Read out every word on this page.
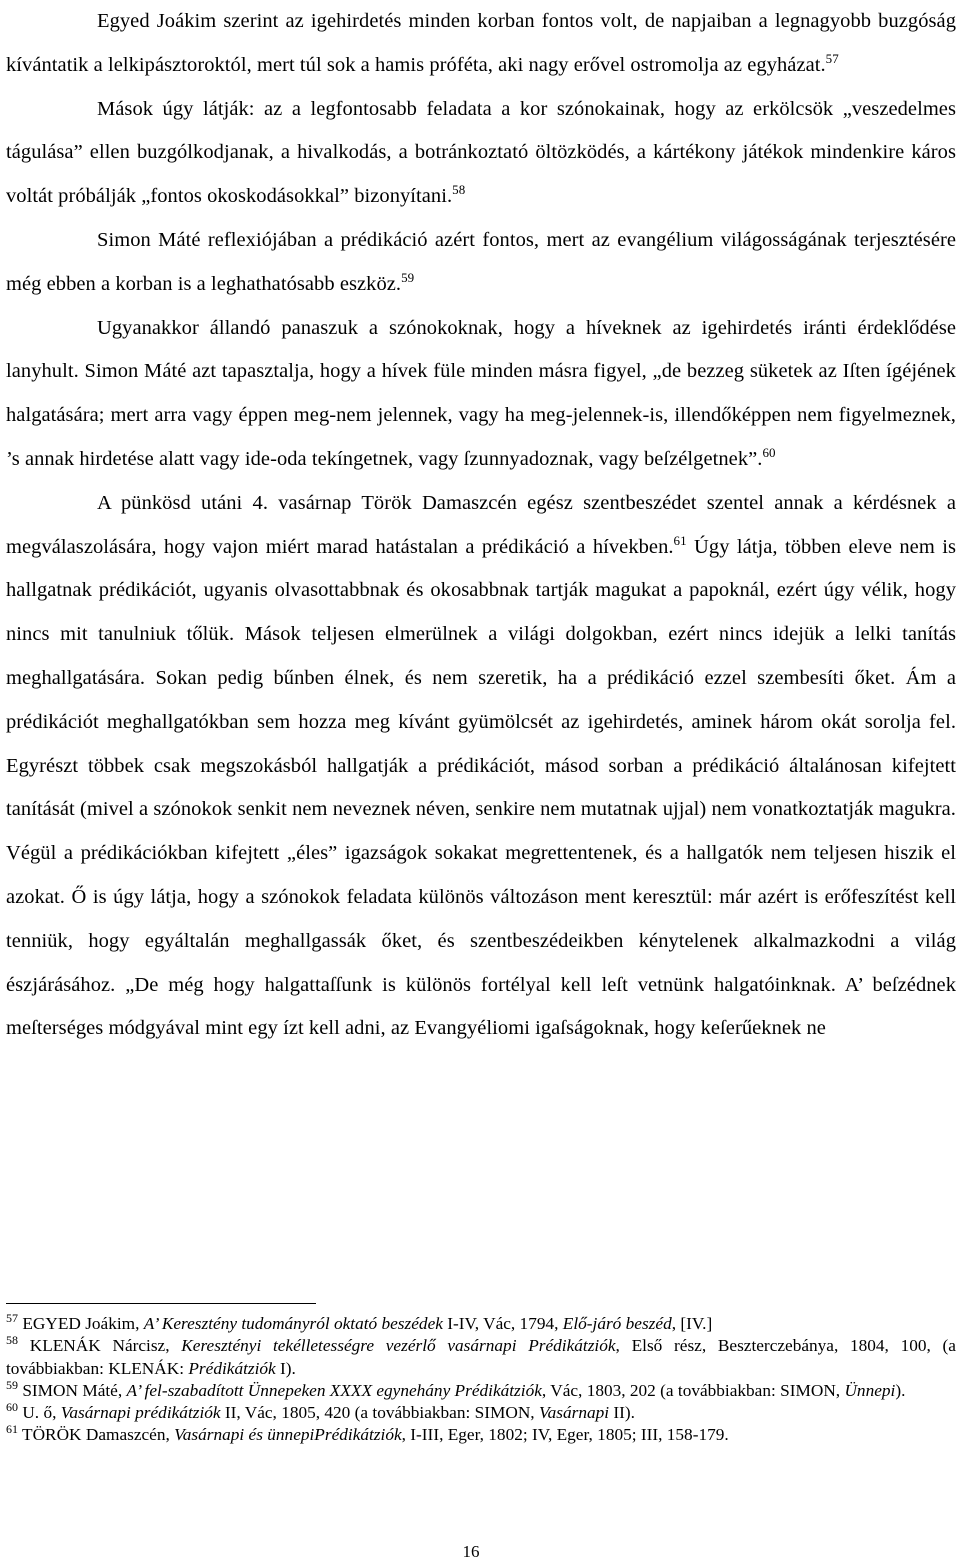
Egyed Joákim szerint az igehirdetés minden korban fontos volt, de napjaiban a legnagyobb buzgóság kívántatik a lelkipásztoroktól, mert túl sok a hamis próféta, aki nagy erővel ostromolja az egyházat.$^{57}$

Mások úgy látják: az a legfontosabb feladata a kor szónokainak, hogy az erkölcsök „veszedelmes tágulása” ellen buzgólkodjanak, a hivalkodás, a botránkoztató öltözködés, a kártékony játékok mindenkire káros voltát próbálják „fontos okoskodásokkal” bizonyítani.$^{58}$

Simon Máté reflexiójában a prédikáció azért fontos, mert az evangélium világosságának terjesztésére még ebben a korban is a leghathatósabb eszköz.$^{59}$

Ugyanakkor állandó panaszuk a szónokoknak, hogy a híveknek az igehirdetés iránti érdeklődése lanyhult. Simon Máté azt tapasztalja, hogy a hívek füle minden másra figyel, „de bezzeg süketek az Iſten ígéjének halgatására; mert arra vagy éppen meg-nem jelennek, vagy ha meg-jelennek-is, illendőképpen nem figyelmeznek, ’s annak hirdetése alatt vagy ide-oda tekíngetnek, vagy ſzunnyadoznak, vagy beſzélgetnek”.$^{60}$

A pünkösd utáni 4. vasárnap Török Damaszcén egész szentbeszédet szentel annak a kérdésnek a megválaszolására, hogy vajon miért marad hatástalan a prédikáció a hívekben.$^{61}$ Úgy látja, többen eleve nem is hallgatnak prédikációt, ugyanis olvasottabbnak és okosabbnak tartják magukat a papoknál, ezért úgy vélik, hogy nincs mit tanulniuk tőlük. Mások teljesen elmerülnek a világi dolgokban, ezért nincs idejük a lelki tanítás meghallgatására. Sokan pedig bűnben élnek, és nem szeretik, ha a prédikáció ezzel szembesíti őket. Ám a prédikációt meghallgatókban sem hozza meg kívánt gyümölcsét az igehirdetés, aminek három okát sorolja fel. Egyrészt többek csak megszokásból hallgatják a prédikációt, másod sorban a prédikáció általánosan kifejtett tanítását (mivel a szónokok senkit nem neveznek néven, senkire nem mutatnak ujjal) nem vonatkoztatják magukra. Végül a prédikációkban kifejtett „éles” igazságok sokakat megrettentenek, és a hallgatók nem teljesen hiszik el azokat. Ő is úgy látja, hogy a szónokok feladata különös változáson ment keresztül: már azért is erőfeszítést kell tenniük, hogy egyáltalán meghallgassák őket, és szentbeszédeikben kénytelenek alkalmazkodni a világ észjárásához. „De még hogy halgattaſſunk is különös fortélyal kell leſt vetnünk halgatóinknak. A’ beſzédnek meſterséges módgyával mint egy ízt kell adni, az Evangyéliomi igaſságoknak, hogy keſerűeknek ne

$^{57}$ EGYED Joákim, A’ Keresztény tudományról oktató beszédek I-IV, Vác, 1794, Elő-járó beszéd, [IV.]
$^{58}$ KLENÁK Nárcisz, Keresztényi tekélletességre vezérlő vasárnapi Prédikátziók, Első rész, Beszterczebánya, 1804, 100, (a továbbiakban: KLENÁK: Prédikátziók I).
$^{59}$ SIMON Máté, A’ fel-szabadított Ünnepeken XXXX egynehány Prédikátziók, Vác, 1803, 202 (a továbbiakban: SIMON, Ünnepi).
$^{60}$ U. ő, Vasárnapi prédikátziók II, Vác, 1805, 420 (a továbbiakban: SIMON, Vasárnapi II).
$^{61}$ TÖRÖK Damaszcén, Vasárnapi és ünnepiPrédikátziók, I-III, Eger, 1802; IV, Eger, 1805; III, 158-179.
16
